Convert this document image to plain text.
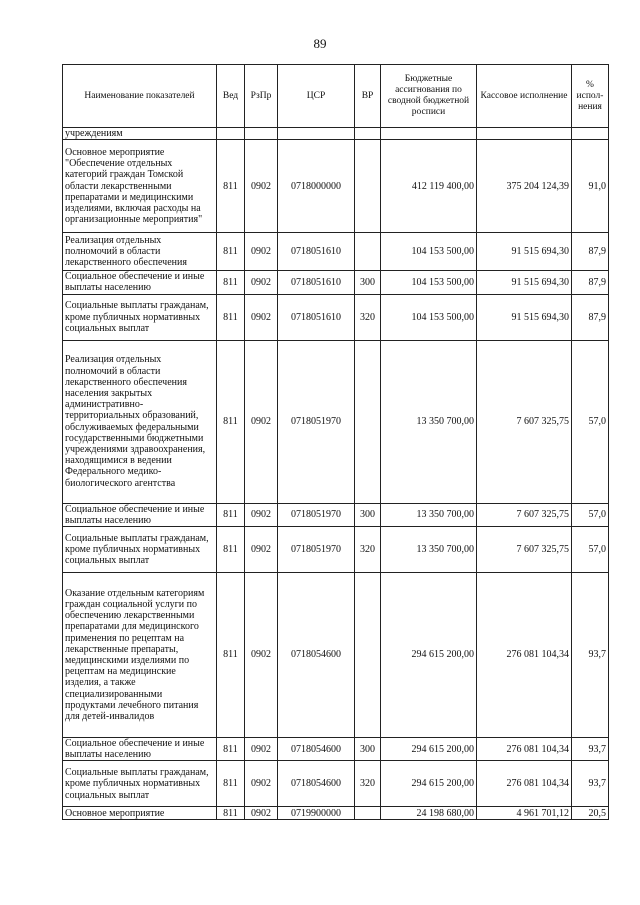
89
Наименование показателей	Вед	РзПр	ЦСР	ВР	Бюджетные ассигнования по сводной бюджетной росписи	Кассовое исполнение	% испол-нения
учреждениям							
Основное мероприятие "Обеспечение отдельных категорий граждан Томской области лекарственными препаратами и медицинскими изделиями, включая расходы на организационные мероприятия"	811	0902	0718000000		412 119 400,00	375 204 124,39	91,0
Реализация отдельных полномочий в области лекарственного обеспечения	811	0902	0718051610		104 153 500,00	91 515 694,30	87,9
Социальное обеспечение и иные выплаты населению	811	0902	0718051610	300	104 153 500,00	91 515 694,30	87,9
Социальные выплаты гражданам, кроме публичных нормативных социальных выплат	811	0902	0718051610	320	104 153 500,00	91 515 694,30	87,9
Реализация отдельных полномочий в области лекарственного обеспечения населения закрытых административно-территориальных образований, обслуживаемых федеральными государственными бюджетными учреждениями здравоохранения, находящимися в ведении Федерального медико-биологического агентства	811	0902	0718051970		13 350 700,00	7 607 325,75	57,0
Социальное обеспечение и иные выплаты населению	811	0902	0718051970	300	13 350 700,00	7 607 325,75	57,0
Социальные выплаты гражданам, кроме публичных нормативных социальных выплат	811	0902	0718051970	320	13 350 700,00	7 607 325,75	57,0
Оказание отдельным категориям граждан социальной услуги по обеспечению лекарственными препаратами для медицинского применения по рецептам на лекарственные препараты, медицинскими изделиями по рецептам на медицинские изделия, а также специализированными продуктами лечебного питания для детей-инвалидов	811	0902	0718054600		294 615 200,00	276 081 104,34	93,7
Социальное обеспечение и иные выплаты населению	811	0902	0718054600	300	294 615 200,00	276 081 104,34	93,7
Социальные выплаты гражданам, кроме публичных нормативных социальных выплат	811	0902	0718054600	320	294 615 200,00	276 081 104,34	93,7
Основное мероприятие	811	0902	0719900000		24 198 680,00	4 961 701,12	20,5
